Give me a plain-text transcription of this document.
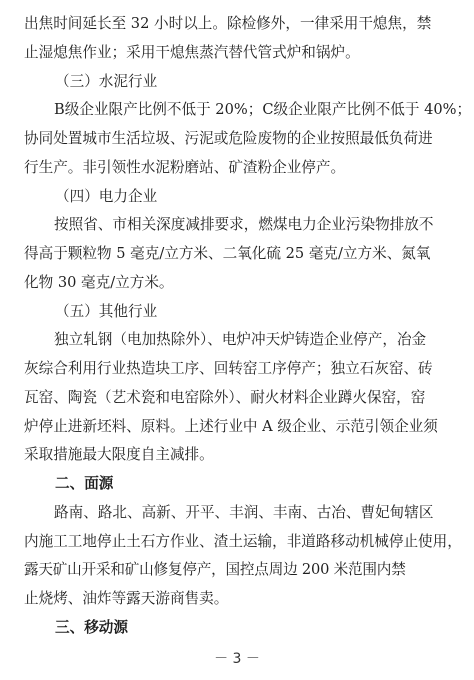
出焦时间延长至 32 小时以上。除检修外，一律采用干熄焦，禁
止湿熄焦作业；采用干熄焦蒸汽替代管式炉和锅炉。
（三）水泥行业
B级企业限产比例不低于 20%；C级企业限产比例不低于 40%；
协同处置城市生活垃圾、污泥或危险废物的企业按照最低负荷进
行生产。非引领性水泥粉磨站、矿渣粉企业停产。
（四）电力企业
按照省、市相关深度减排要求，燃煤电力企业污染物排放不
得高于颗粒物 5 毫克/立方米、二氧化硫 25 毫克/立方米、氮氧
化物 30 毫克/立方米。
（五）其他行业
独立轧钢（电加热除外）、电炉冲天炉铸造企业停产，冶金
灰综合利用行业热造块工序、回转窑工序停产；独立石灰窑、砖
瓦窑、陶瓷（艺术瓷和电窑除外）、耐火材料企业蹲火保窑，窑
炉停止进新坯料、原料。上述行业中 A 级企业、示范引领企业须
采取措施最大限度自主减排。
二、面源
路南、路北、高新、开平、丰润、丰南、古冶、曹妃甸辖区
内施工工地停止土石方作业、渣土运输，非道路移动机械停止使用，
露天矿山开采和矿山修复停产，国控点周边 200 米范围内禁
止烧烤、油炸等露天游商售卖。
三、移动源
－ 3 －
